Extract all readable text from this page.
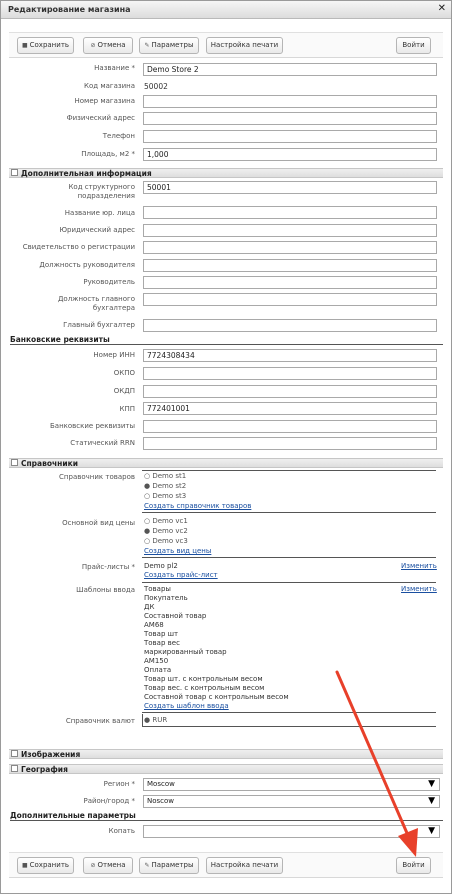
Редактирование магазина	✕
■ Сохранить	⊘ Отмена	✎ Параметры	Настройка печати	Войти
Название *	Demo Store 2
Код магазина 50002
Номер магазина
Физический адрес
Телефон
Площадь, м2 *	1,000
Дополнительная информация
Код структурного
подразделения
50001
Название юр. лица
Юридический адрес
Свидетельство о регистрации
Должность руководителя
Руководитель
Должность главного
бухгалтера
Главный бухгалтер
Банковские реквизиты
Номер ИНН	7724308434
ОКПО
ОКДП
КПП	772401001
Банковские реквизиты
Статический RRN
Справочники
Справочник товаров ○ Demo st1
● Demo st2
○ Demo st3
Создать справочник товаров
Основной вид цены ○ Demo vc1
● Demo vc2
○ Demo vc3
Создать вид цены
Прайс-листы * Demo pl2	Изменить
Создать прайс-лист
Шаблоны ввода	Изменить
Товары
Покупатель
ДК
Составной товар
AM68
Товар шт
Товар вес
маркированный товар
AM150
Оплата
Товар шт. с контрольным весом
Товар вес. с контрольным весом
Составной товар с контрольным весом
Создать шаблон ввода
Справочник валют ● RUR
Изображения
География
Регион *	Moscow	▼
Район/город *	Noscow	▼
Дополнительные параметры
Копать	▼
■ Сохранить	⊘ Отмена	✎ Параметры	Настройка печати	Войти
